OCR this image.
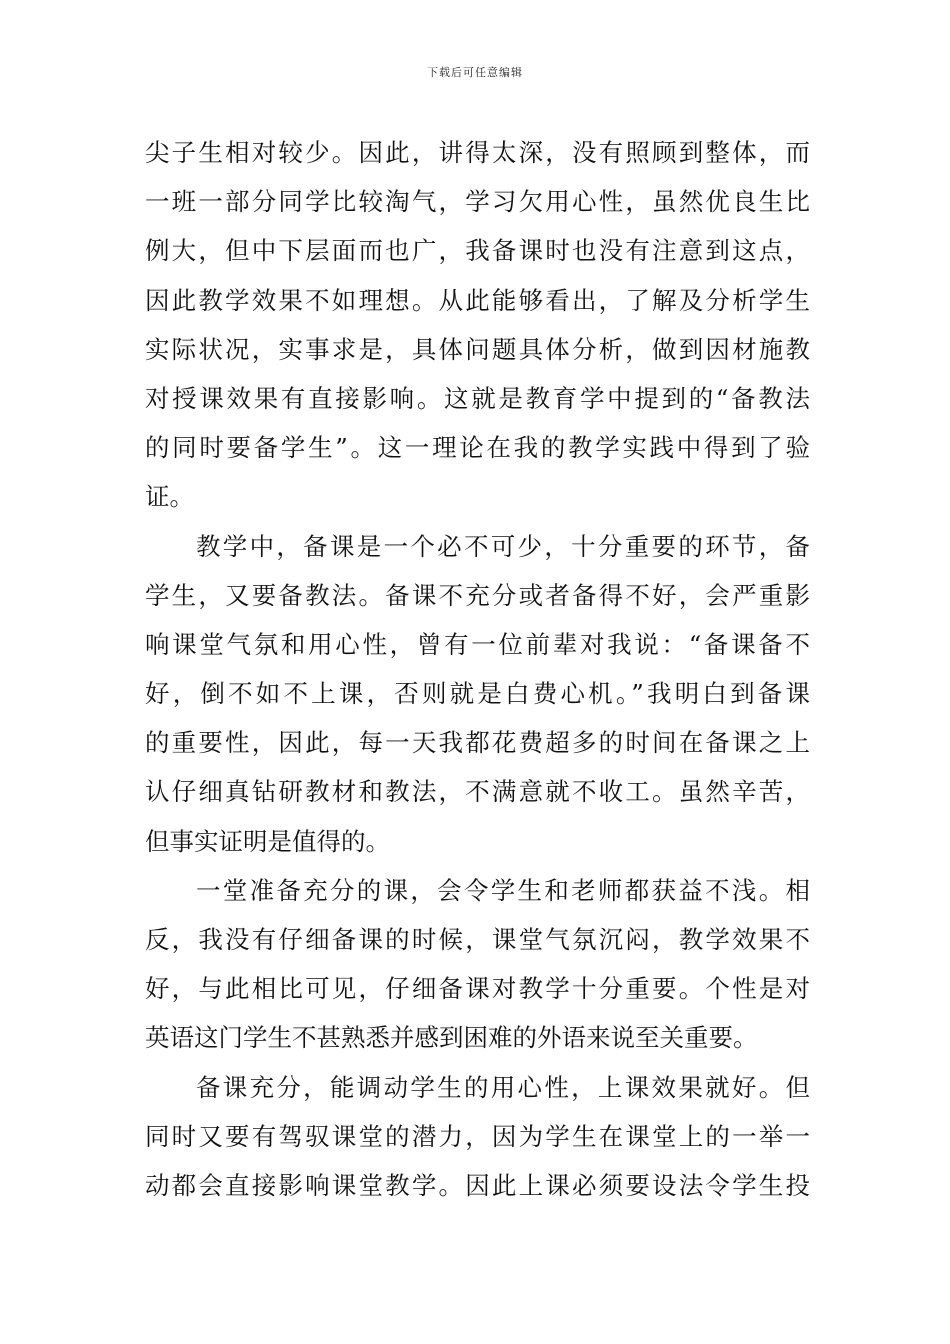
下载后可任意编辑
尖子生相对较少。因此，讲得太深，没有照顾到整体，而
一班一部分同学比较淘气，学习欠用心性，虽然优良生比
例大，但中下层面而也广，我备课时也没有注意到这点，
因此教学效果不如理想。从此能够看出，了解及分析学生
实际状况，实事求是，具体问题具体分析，做到因材施教
对授课效果有直接影响。这就是教育学中提到的“备教法
的同时要备学生”。这一理论在我的教学实践中得到了验
证。
教学中，备课是一个必不可少，十分重要的环节，备
学生，又要备教法。备课不充分或者备得不好，会严重影
响课堂气氛和用心性，曾有一位前辈对我说：“备课备不
好，倒不如不上课，否则就是白费心机。”我明白到备课
的重要性，因此，每一天我都花费超多的时间在备课之上
认仔细真钻研教材和教法，不满意就不收工。虽然辛苦，
但事实证明是值得的。
一堂准备充分的课，会令学生和老师都获益不浅。相
反，我没有仔细备课的时候，课堂气氛沉闷，教学效果不
好，与此相比可见，仔细备课对教学十分重要。个性是对
英语这门学生不甚熟悉并感到困难的外语来说至关重要。
备课充分，能调动学生的用心性，上课效果就好。但
同时又要有驾驭课堂的潜力，因为学生在课堂上的一举一
动都会直接影响课堂教学。因此上课必须要设法令学生投
